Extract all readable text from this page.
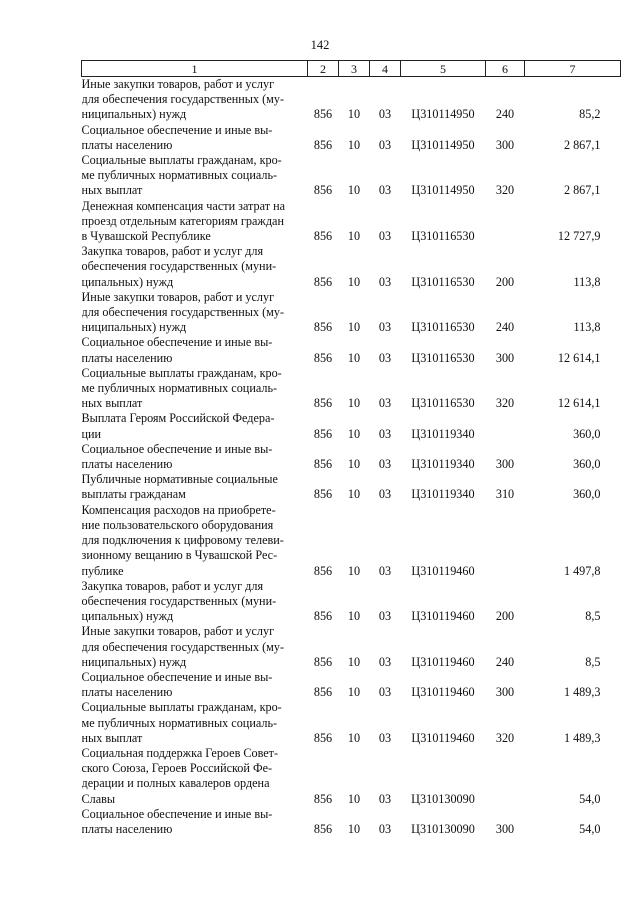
142
1	2	3	4	5	6	7

Иные закупки товаров, работ и услуг
для обеспечения государственных (му-
ниципальных) нужд	856	10	03	Ц310114950	240	85,2

Социальное обеспечение и иные вы-
платы населению	856	10	03	Ц310114950	300	2 867,1

Социальные выплаты гражданам, кро-
ме публичных нормативных социаль-
ных выплат	856	10	03	Ц310114950	320	2 867,1

Денежная компенсация части затрат на
проезд отдельным категориям граждан
в Чувашской Республике	856	10	03	Ц310116530		12 727,9

Закупка товаров, работ и услуг для
обеспечения государственных (муни-
ципальных) нужд	856	10	03	Ц310116530	200	113,8

Иные закупки товаров, работ и услуг
для обеспечения государственных (му-
ниципальных) нужд	856	10	03	Ц310116530	240	113,8

Социальное обеспечение и иные вы-
платы населению	856	10	03	Ц310116530	300	12 614,1

Социальные выплаты гражданам, кро-
ме публичных нормативных социаль-
ных выплат	856	10	03	Ц310116530	320	12 614,1

Выплата Героям Российской Федера-
ции	856	10	03	Ц310119340		360,0

Социальное обеспечение и иные вы-
платы населению	856	10	03	Ц310119340	300	360,0

Публичные нормативные социальные
выплаты гражданам	856	10	03	Ц310119340	310	360,0

Компенсация расходов на приобрете-
ние пользовательского оборудования
для подключения к цифровому телеви-
зионному вещанию в Чувашской Рес-
публике	856	10	03	Ц310119460		1 497,8

Закупка товаров, работ и услуг для
обеспечения государственных (муни-
ципальных) нужд	856	10	03	Ц310119460	200	8,5

Иные закупки товаров, работ и услуг
для обеспечения государственных (му-
ниципальных) нужд	856	10	03	Ц310119460	240	8,5

Социальное обеспечение и иные вы-
платы населению	856	10	03	Ц310119460	300	1 489,3

Социальные выплаты гражданам, кро-
ме публичных нормативных социаль-
ных выплат	856	10	03	Ц310119460	320	1 489,3

Социальная поддержка Героев Совет-
ского Союза, Героев Российской Фе-
дерации и полных кавалеров ордена
Славы	856	10	03	Ц310130090		54,0

Социальное обеспечение и иные вы-
платы населению	856	10	03	Ц310130090	300	54,0
